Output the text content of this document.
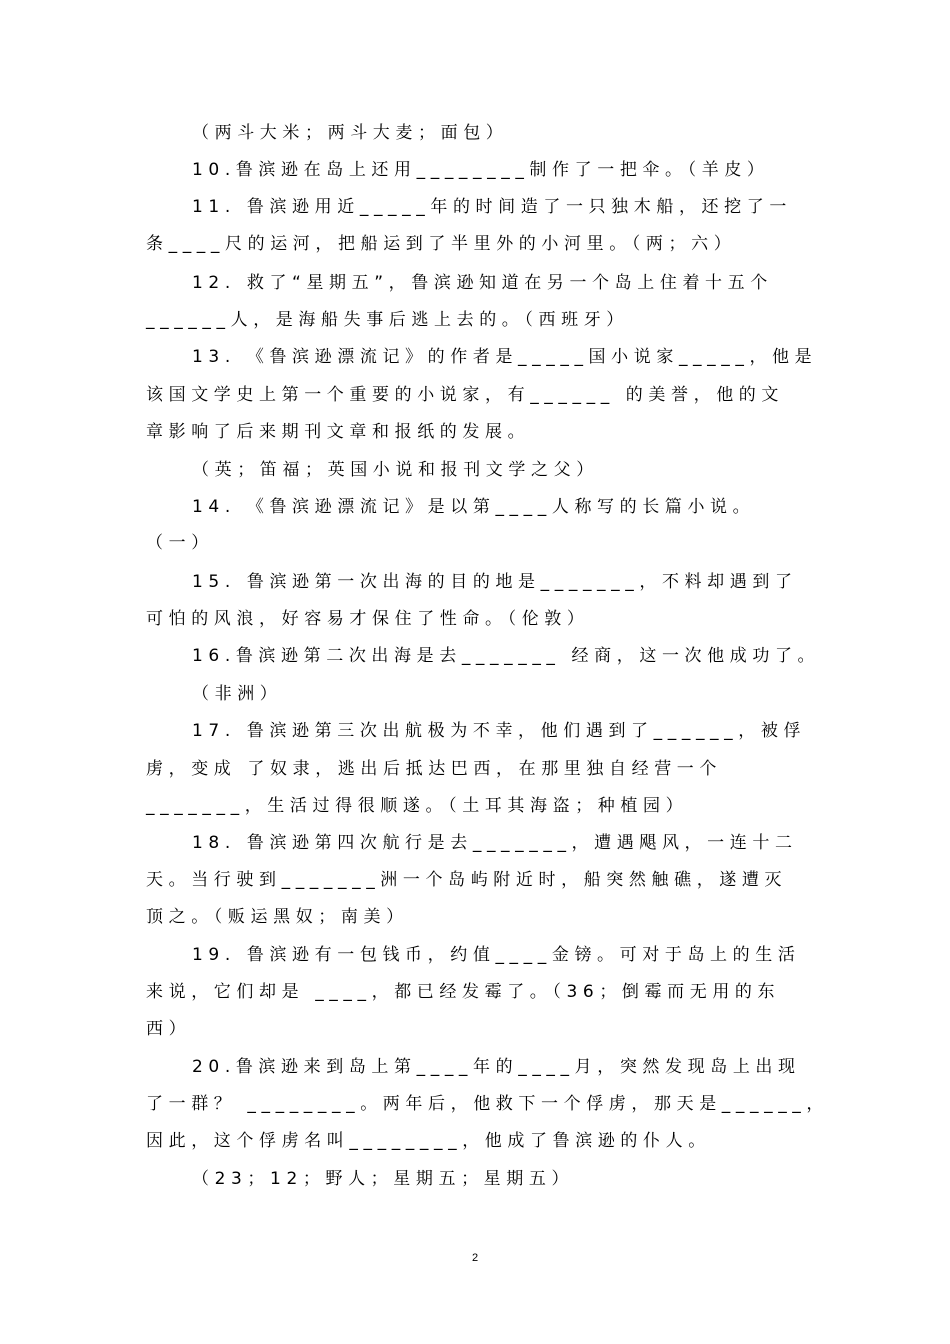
（两斗大米；两斗大麦；面包）
10.鲁滨逊在岛上还用________制作了一把伞。（羊皮）
11. 鲁滨逊用近_____年的时间造了一只独木船，还挖了一
条____尺的运河，把船运到了半里外的小河里。（两；六）
12. 救了“星期五”，鲁滨逊知道在另一个岛上住着十五个
______人，是海船失事后逃上去的。（西班牙）
13. 《鲁滨逊漂流记》的作者是_____国小说家_____，他是
该国文学史上第一个重要的小说家，有______ 的美誉，他的文
章影响了后来期刊文章和报纸的发展。
（英；笛福；英国小说和报刊文学之父）
14. 《鲁滨逊漂流记》是以第____人称写的长篇小说。
（一）
15. 鲁滨逊第一次出海的目的地是_______，不料却遇到了
可怕的风浪，好容易才保住了性命。（伦敦）
16.鲁滨逊第二次出海是去_______ 经商，这一次他成功了。
（非洲）
17. 鲁滨逊第三次出航极为不幸，他们遇到了______，被俘
虏，变成 了奴隶，逃出后抵达巴西，在那里独自经营一个
_______，生活过得很顺遂。（土耳其海盗；种植园）
18. 鲁滨逊第四次航行是去_______，遭遇飓风，一连十二
天。当行驶到_______洲一个岛屿附近时，船突然触礁，遂遭灭
顶之。（贩运黑奴；南美）
19. 鲁滨逊有一包钱币，约值____金镑。可对于岛上的生活
来说，它们却是 ____，都已经发霉了。（36；倒霉而无用的东
西）
20.鲁滨逊来到岛上第____年的____月，突然发现岛上出现
了一群？ ________。两年后，他救下一个俘虏，那天是______，
因此，这个俘虏名叫________，他成了鲁滨逊的仆人。
（23；12；野人；星期五；星期五）
2
